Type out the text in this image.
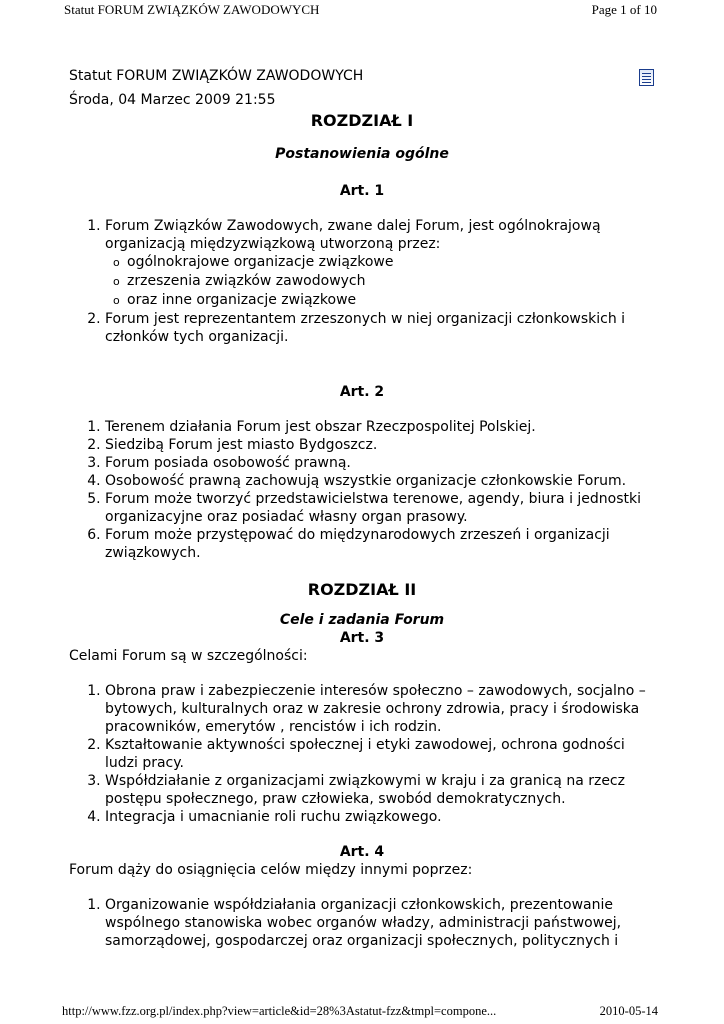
Statut FORUM ZWIĄZKÓW ZAWODOWYCH	Page 1 of 10

Statut FORUM ZWIĄZKÓW ZAWODOWYCH

Środa, 04 Marzec 2009 21:55

ROZDZIAŁ I

Postanowienia ogólne

Art. 1

1. Forum Związków Zawodowych, zwane dalej Forum, jest ogólnokrajową organizacją międzyzwiązkową utworzoną przez:
o ogólnokrajowe organizacje związkowe
o zrzeszenia związków zawodowych
o oraz inne organizacje związkowe
2. Forum jest reprezentantem zrzeszonych w niej organizacji członkowskich i członków tych organizacji.

Art. 2

1. Terenem działania Forum jest obszar Rzeczpospolitej Polskiej.
2. Siedzibą Forum jest miasto Bydgoszcz.
3. Forum posiada osobowość prawną.
4. Osobowość prawną zachowują wszystkie organizacje członkowskie Forum.
5. Forum może tworzyć przedstawicielstwa terenowe, agendy, biura i jednostki organizacyjne oraz posiadać własny organ prasowy.
6. Forum może przystępować do międzynarodowych zrzeszeń i organizacji związkowych.

ROZDZIAŁ II

Cele i zadania Forum

Art. 3

Celami Forum są w szczególności:

1. Obrona praw i zabezpieczenie interesów społeczno – zawodowych, socjalno – bytowych, kulturalnych oraz w zakresie ochrony zdrowia, pracy i środowiska pracowników, emerytów , rencistów i ich rodzin.
2. Kształtowanie aktywności społecznej i etyki zawodowej, ochrona godności ludzi pracy.
3. Współdziałanie z organizacjami związkowymi w kraju i za granicą na rzecz postępu społecznego, praw człowieka, swobód demokratycznych.
4. Integracja i umacnianie roli ruchu związkowego.

Art. 4

Forum dąży do osiągnięcia celów między innymi poprzez:

1. Organizowanie współdziałania organizacji członkowskich, prezentowanie wspólnego stanowiska wobec organów władzy, administracji państwowej, samorządowej, gospodarczej oraz organizacji społecznych, politycznych i
http://www.fzz.org.pl/index.php?view=article&id=28%3Astatut-fzz&tmpl=compone...	2010-05-14
